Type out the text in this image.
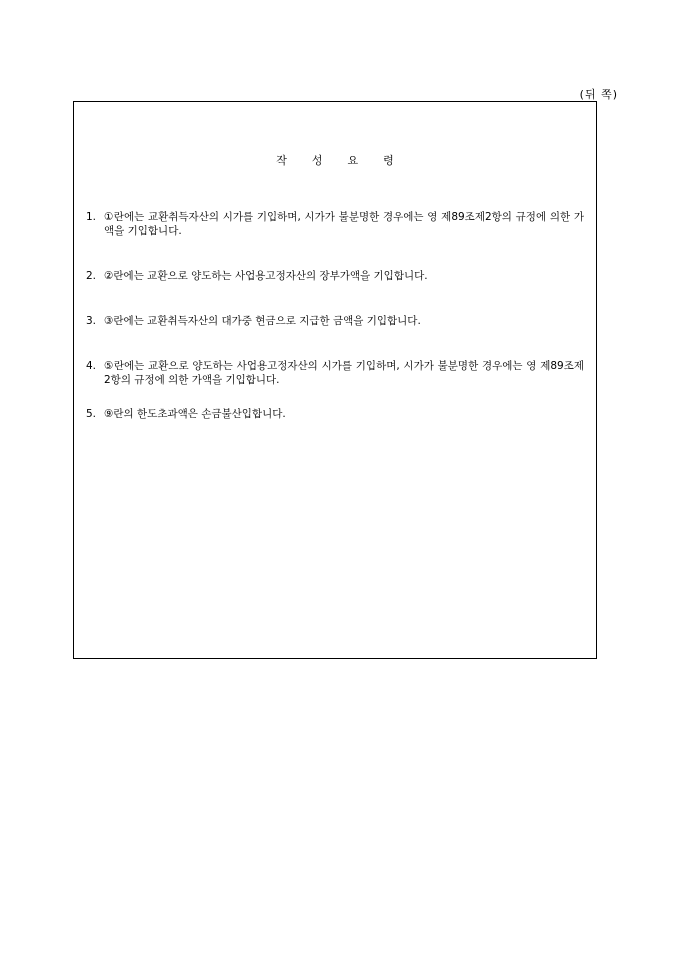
(뒤 쪽)
작성요령
1. ①란에는 교환취득자산의 시가를 기입하며, 시가가 불분명한 경우에는 영 제89조제2항의 규정에 의한 가액을 기입합니다.
2. ②란에는 교환으로 양도하는 사업용고정자산의 장부가액을 기입합니다.
3. ③란에는 교환취득자산의 대가중 현금으로 지급한 금액을 기입합니다.
4. ⑤란에는 교환으로 양도하는 사업용고정자산의 시가를 기입하며, 시가가 불분명한 경우에는 영 제89조제2항의 규정에 의한 가액을 기입합니다.
5. ⑨란의 한도초과액은 손금불산입합니다.
